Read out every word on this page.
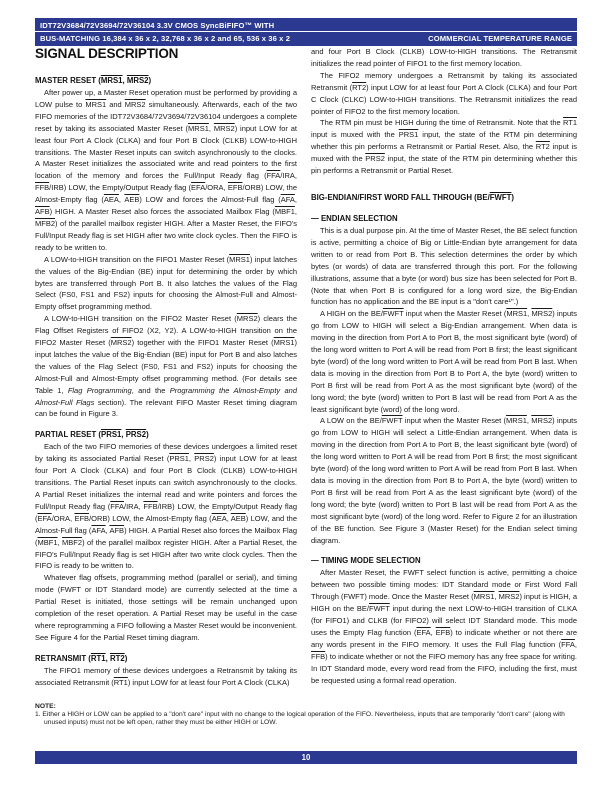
IDT72V3684/72V3694/72V36104 3.3V CMOS SyncBiFIFO™ WITH
BUS-MATCHING 16,384 x 36 x 2, 32,768 x 36 x 2 and 65, 536 x 36 x 2	COMMERCIAL TEMPERATURE RANGE
SIGNAL DESCRIPTION
MASTER RESET (MRS1, MRS2)

After power up, a Master Reset operation must be performed by providing a LOW pulse to MRS1 and MRS2 simultaneously. Afterwards, each of the two FIFO memories of the IDT72V3684/72V3694/72V36104 undergoes a complete reset by taking its associated Master Reset (MRS1, MRS2) input LOW for at least four Port A Clock (CLKA) and four Port B Clock (CLKB) LOW-to-HIGH transitions. The Master Reset inputs can switch asynchronously to the clocks. A Master Reset initializes the associated write and read pointers to the first location of the memory and forces the Full/Input Ready flag ($\overline{FFA}$/IRA, $\overline{FFB}/IRB$) LOW, the Empty/Output Ready flag ($\overline{EFA}$/ORA, $\overline{EFB}/ORB$) LOW, the Almost-Empty flag ($\overline{AEA}$, $\overline{AEB}$) LOW and forces the Almost-Full flag ($\overline{AFA}$, $\overline{AFB}$) HIGH. A Master Reset also forces the associated Mailbox Flag (MBF1, MFB2) of the parallel mailbox register HIGH. After a Master Reset, the FIFO's Full/Input Ready flag is set HIGH after two write clock cycles. Then the FIFO is ready to be written to.

A LOW-to-HIGH transition on the FIFO1 Master Reset (MRS1) input latches the values of the Big-Endian (BE) input for determining the order by which bytes are transferred through Port B. It also latches the values of the Flag Select (FS0, FS1 and FS2) inputs for choosing the Almost-Full and Almost-Empty offset programming method.

A LOW-to-HIGH transition on the FIFO2 Master Reset (MRS2) clears the Flag Offset Registers of FIFO2 (X2, Y2). A LOW-to-HIGH transition on the FIFO2 Master Reset (MRS2) together with the FIFO1 Master Reset (MRS1) input latches the value of the Big-Endian (BE) input for Port B and also latches the values of the Flag Select (FS0, FS1 and FS2) inputs for choosing the Almost-Full and Almost-Empty offset programming method. (For details see Table 1, Flag Programming, and the Programming the Almost-Empty and Almost-Full Flags section). The relevant FIFO Master Reset timing diagram can be found in Figure 3.

PARTIAL RESET (PRS1, PRS2)

Each of the two FIFO memories of these devices undergoes a limited reset by taking its associated Partial Reset (PRS1, PRS2) input LOW for at least four Port A Clock (CLKA) and four Port B Clock (CLKB) LOW-to-HIGH transitions. The Partial Reset inputs can switch asynchronously to the clocks. A Partial Reset initializes the internal read and write pointers and forces the Full/Input Ready flag ($\overline{FFA}$/IRA, $\overline{FFB}/IRB$) LOW, the Empty/Output Ready flag ($\overline{EFA}$/ORA, $\overline{EFB}/ORB$) LOW, the Almost-Empty flag ($\overline{AEA}$, $\overline{AEB}$) LOW, and the Almost-Full flag ($\overline{AFA}$, $\overline{AFB}$) HIGH. A Partial Reset also forces the Mailbox Flag (MBF1, MBF2) of the parallel mailbox register HIGH. After a Partial Reset, the FIFO's Full/Input Ready flag is set HIGH after two write clock cycles. Then the FIFO is ready to be written to.

Whatever flag offsets, programming method (parallel or serial), and timing mode (FWFT or IDT Standard mode) are currently selected at the time a Partial Reset is initiated, those settings will be remain unchanged upon completion of the reset operation. A Partial Reset may be useful in the case where reprogramming a FIFO following a Master Reset would be inconvenient. See Figure 4 for the Partial Reset timing diagram.

RETRANSMIT (RT1, RT2)

The FIFO1 memory of these devices undergoes a Retransmit by taking its associated Retransmit (RT1) input LOW for at least four Port A Clock (CLKA)

and four Port B Clock (CLKB) LOW-to-HIGH transitions. The Retransmit initializes the read pointer of FIFO1 to the first memory location.

The FIFO2 memory undergoes a Retransmit by taking its associated Retransmit (RT2) input LOW for at least four Port A Clock (CLKA) and four Port C Clock (CLKC) LOW-to-HIGH transitions. The Retransmit initializes the read pointer of FIFO2 to the first memory location.

The RTM pin must be HIGH during the time of Retransmit. Note that the RT1 input is muxed with the PRS1 input, the state of the RTM pin determining whether this pin performs a Retransmit or Partial Reset. Also, the RT2 input is muxed with the PRS2 input, the state of the RTM pin determining whether this pin performs a Retransmit or Partial Reset.

BIG-ENDIAN/FIRST WORD FALL THROUGH (BE/FWFT)
— ENDIAN SELECTION

This is a dual purpose pin. At the time of Master Reset, the BE select function is active, permitting a choice of Big or Little-Endian byte arrangement for data written to or read from Port B. This selection determines the order by which bytes (or words) of data are transferred through this port. For the following illustrations, assume that a byte (or word) bus size has been selected for Port B. (Note that when Port B is configured for a long word size, the Big-Endian function has no application and the BE input is a "don't care¹".)

A HIGH on the BE/FWFT input when the Master Reset (MRS1, MRS2) inputs go from LOW to HIGH will select a Big-Endian arrangement. When data is moving in the direction from Port A to Port B, the most significant byte (word) of the long word written to Port A will be read from Port B first; the least significant byte (word) of the long word written to Port A will be read from Port B last. When data is moving in the direction from Port B to Port A, the byte (word) written to Port B first will be read from Port A as the most significant byte (word) of the long word; the byte (word) written to Port B last will be read from Port A as the least significant byte (word) of the long word.

A LOW on the BE/FWFT input when the Master Reset (MRS1, MRS2) inputs go from LOW to HIGH will select a Little-Endian arrangement. When data is moving in the direction from Port A to Port B, the least significant byte (word) of the long word written to Port A will be read from Port B first; the most significant byte (word) of the long word written to Port A will be read from Port B last. When data is moving in the direction from Port B to Port A, the byte (word) written to Port B first will be read from Port A as the least significant byte (word) of the long word; the byte (word) written to Port B last will be read from Port A as the most significant byte (word) of the long word. Refer to Figure 2 for an illustration of the BE function. See Figure 3 (Master Reset) for the Endian select timing diagram.

— TIMING MODE SELECTION

After Master Reset, the FWFT select function is active, permitting a choice between two possible timing modes: IDT Standard mode or First Word Fall Through (FWFT) mode. Once the Master Reset (MRS1, MRS2) input is HIGH, a HIGH on the BE/FWFT input during the next LOW-to-HIGH transition of CLKA (for FIFO1) and CLKB (for FIFO2) will select IDT Standard mode. This mode uses the Empty Flag function ($\overline{EFA}$, $\overline{EFB}$) to indicate whether or not there are any words present in the FIFO memory. It uses the Full Flag function ($\overline{FFA}$, $\overline{FFB}$) to indicate whether or not the FIFO memory has any free space for writing. In IDT Standard mode, every word read from the FIFO, including the first, must be requested using a formal read operation.

NOTE:
1. Either a HIGH or LOW can be applied to a "don't care" input with no change to the logical operation of the FIFO. Nevertheless, inputs that are temporarily "don't care" (along with unused inputs) must not be left open, rather they must be either HIGH or LOW.
10
